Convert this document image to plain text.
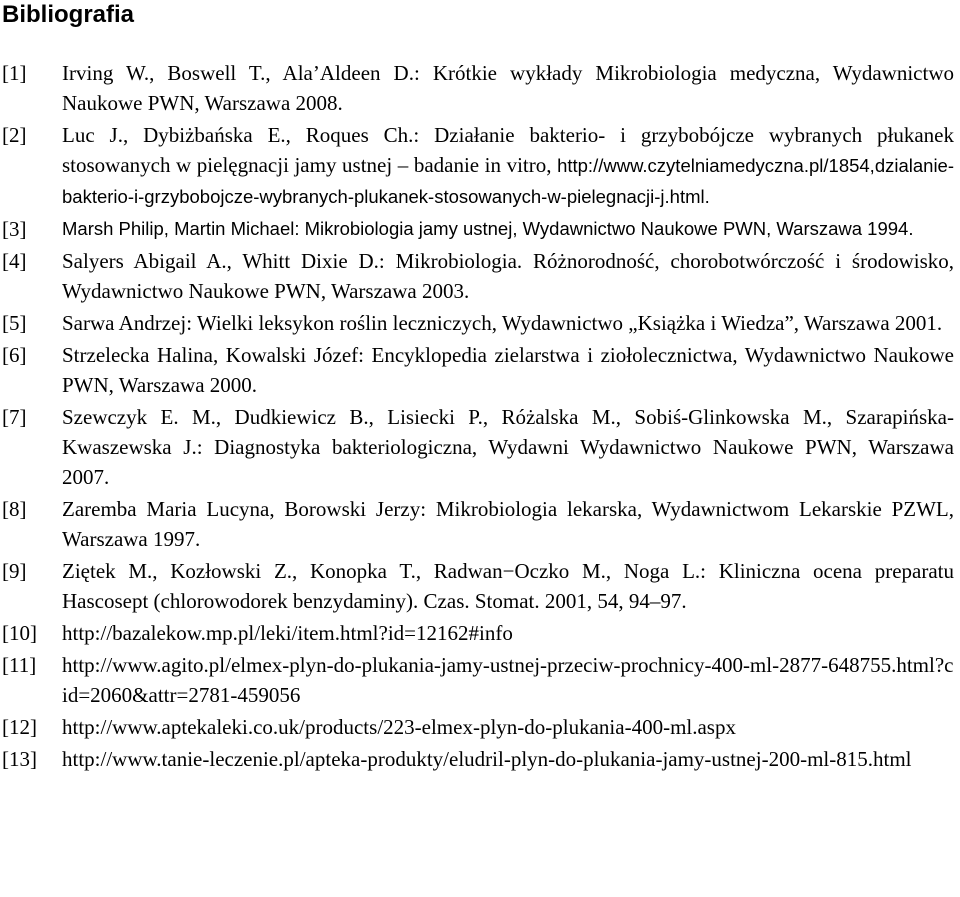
Bibliografia
[1]	Irving W., Boswell T., Ala’Aldeen D.: Krótkie wykłady Mikrobiologia medyczna, Wydawnictwo Naukowe PWN, Warszawa 2008.
[2]	Luc J., Dybiżbańska E., Roques Ch.: Działanie bakterio- i grzybobójcze wybranych płukanek stosowanych w pielęgnacji jamy ustnej – badanie in vitro, http://www.czytelniamedyczna.pl/1854,dzialanie-bakterio-i-grzybobojcze-wybranych-plukanek-stosowanych-w-pielegnacji-j.html.
[3]	Marsh Philip, Martin Michael: Mikrobiologia jamy ustnej, Wydawnictwo Naukowe PWN, Warszawa 1994.
[4]	Salyers Abigail A., Whitt Dixie D.: Mikrobiologia. Różnorodność, chorobotwórczość i środowisko, Wydawnictwo Naukowe PWN, Warszawa 2003.
[5]	Sarwa Andrzej: Wielki leksykon roślin leczniczych, Wydawnictwo „Książka i Wiedza”, Warszawa 2001.
[6]	Strzelecka Halina, Kowalski Józef: Encyklopedia zielarstwa i ziołolecznictwa, Wydawnictwo Naukowe PWN, Warszawa 2000.
[7]	Szewczyk E. M., Dudkiewicz B., Lisiecki P., Różalska M., Sobiś-Glinkowska M., Szarapińska- Kwaszewska J.: Diagnostyka bakteriologiczna, Wydawni Wydawnictwo Naukowe PWN, Warszawa 2007.
[8]	Zaremba Maria Lucyna, Borowski Jerzy: Mikrobiologia lekarska, Wydawnictwom Lekarskie PZWL, Warszawa 1997.
[9]	Ziętek M., Kozłowski Z., Konopka T., Radwan−Oczko M., Noga L.: Kliniczna ocena preparatu Hascosept (chlorowodorek benzydaminy). Czas. Stomat. 2001, 54, 94–97.
[10]	http://bazalekow.mp.pl/leki/item.html?id=12162#info
[11]	http://www.agito.pl/elmex-plyn-do-plukania-jamy-ustnej-przeciw-prochnicy-400-ml-2877-648755.html?cid=2060&attr=2781-459056
[12]	http://www.aptekaleki.co.uk/products/223-elmex-plyn-do-plukania-400-ml.aspx
[13]	http://www.tanie-leczenie.pl/apteka-produkty/eludril-plyn-do-plukania-jamy-ustnej-200-ml-815.html
